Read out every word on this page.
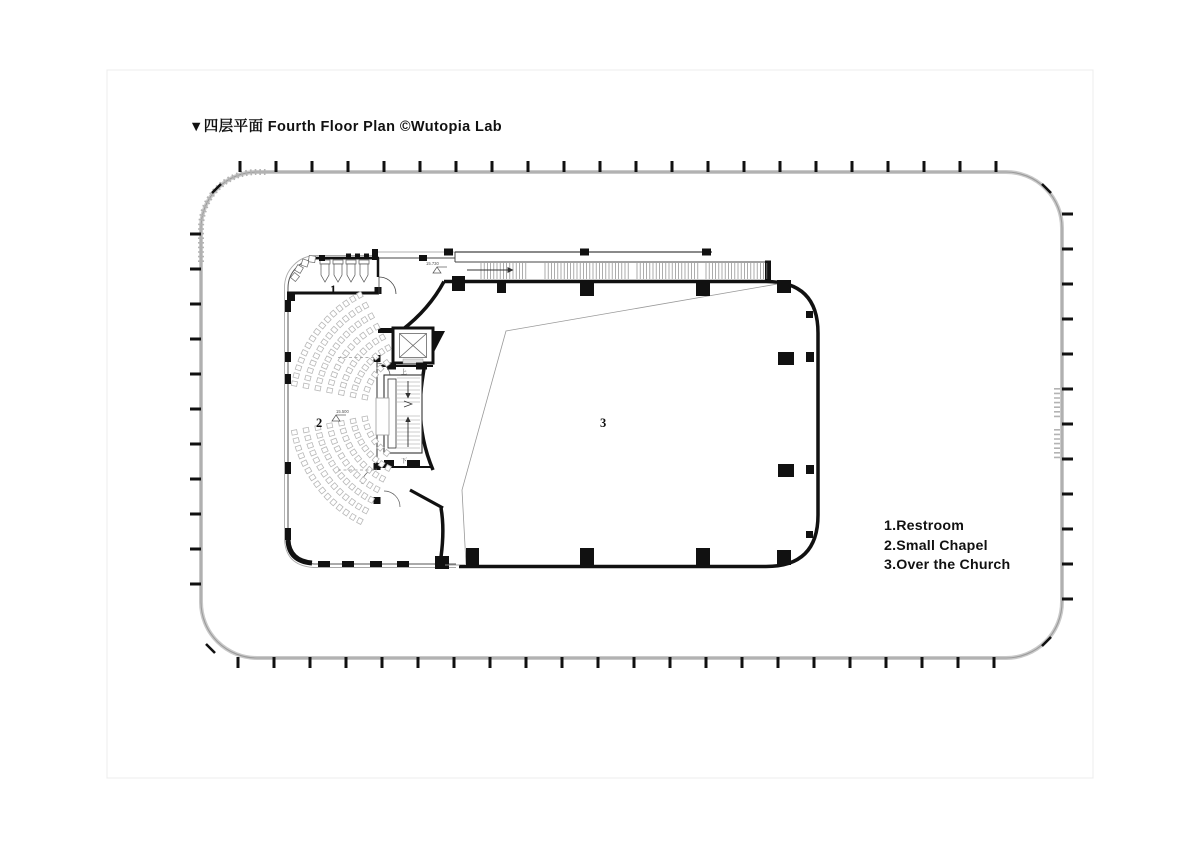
▼四层平面 Fourth Floor Plan ©Wutopia Lab
1.Restroom
2.Small Chapel
3.Over the Church
1
15.730
3
上
下
2
15.500
